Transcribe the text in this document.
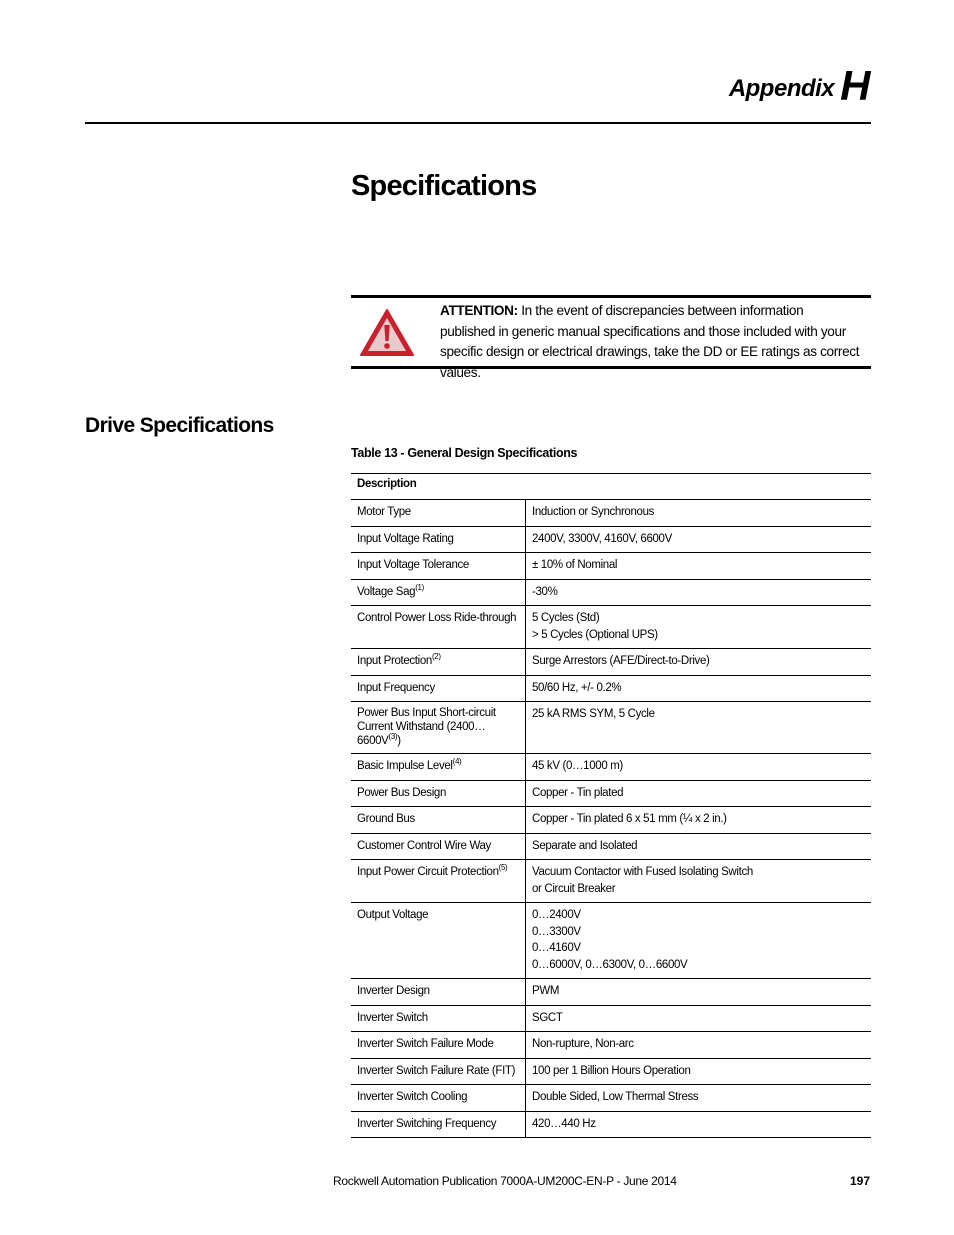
Appendix H
Specifications
ATTENTION: In the event of discrepancies between information published in generic manual specifications and those included with your specific design or electrical drawings, take the DD or EE ratings as correct values.
Drive Specifications
Table 13 - General Design Specifications
Description	
Motor Type	Induction or Synchronous

Input Voltage Rating	2400V, 3300V, 4160V, 6600V

Input Voltage Tolerance	± 10% of Nominal

Voltage Sag$^{(1)}$	-30%

Control Power Loss Ride-through	5 Cycles (Std)
> 5 Cycles (Optional UPS)

Input Protection$^{(2)}$	Surge Arrestors (AFE/Direct-to-Drive)

Input Frequency	50/60 Hz, +/- 0.2%

Power Bus Input Short-circuit Current Withstand $(2400\dots 6600V^{(3)})$	25 kA RMS SYM, 5 Cycle

Basic Impulse Level$^{(4)}$	45 kV (0…1000 m)

Power Bus Design	Copper - Tin plated

Ground Bus	Copper - Tin plated 6 x 51 mm (¼ x 2 in.)

Customer Control Wire Way	Separate and Isolated

Input Power Circuit Protection$^{(5)}$	Vacuum Contactor with Fused Isolating Switch
or Circuit Breaker

Output Voltage	0…2400V
0…3300V
0…4160V
0…6000V, 0…6300V, 0…6600V

Inverter Design	PWM

Inverter Switch	SGCT

Inverter Switch Failure Mode	Non-rupture, Non-arc

Inverter Switch Failure Rate (FIT)	100 per 1 Billion Hours Operation

Inverter Switch Cooling	Double Sided, Low Thermal Stress

Inverter Switching Frequency	420…440 Hz
Rockwell Automation Publication 7000A-UM200C-EN-P - June 2014	197
